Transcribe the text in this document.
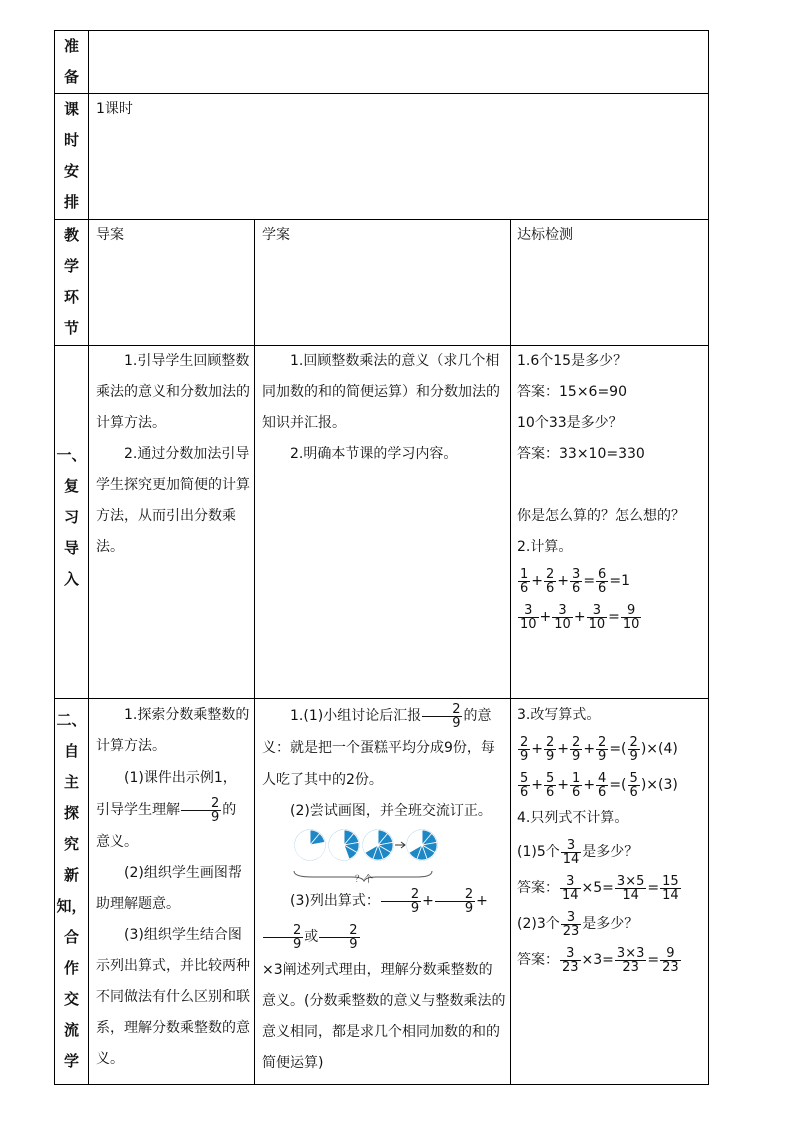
准
备
课
时
安
排
1课时
教
学
环
节
导案	学案	达标检测
一、
复
习
导
入

1.引导学生回顾整数乘法的意义和分数加法的计算方法。

2.通过分数加法引导学生探究更加简便的计算方法，从而引出分数乘法。

1.回顾整数乘法的意义（求几个相同加数的和的简便运算）和分数加法的知识并汇报。

2.明确本节课的学习内容。

1.6个15是多少？

答案：15×6=90

10个33是多少？

答案：33×10=330

你是怎么算的？怎么想的？

2.计算。

$\frac{1}{6} + \frac{2}{6} + \frac{3}{6} = \frac{6}{6} =1$
$\frac{3}{10} + \frac{3}{10} + \frac{3}{10} = \frac{9}{10}$
二、
自
主
探
究
新
知，
合
作
交
流
学

1.探索分数乘整数的计算方法。

(1)课件出示例1，引导学生理解 $\frac{2}{9}$ 的意义。

(2)组织学生画图帮助理解题意。

(3)组织学生结合图示列出算式，并比较两种不同做法有什么区别和联系，理解分数乘整数的意义。

1.(1)小组讨论后汇报 $\frac{2}{9}$ 的意义：就是把一个蛋糕平均分成9份，每人吃了其中的2份。

(2)尝试画图，并全班交流订正。

？个

(3)列出算式： $\frac{2}{9} + \frac{2}{9}$ +
$\frac{2}{9}$ 或 $\frac{2}{9}$

×3阐述列式理由，理解分数乘整数的意义。(分数乘整数的意义与整数乘法的意义相同，都是求几个相同加数的和的简便运算)

3.改写算式。

$\frac{2}{9} + \frac{2}{9} + \frac{2}{9} + \frac{2}{9}$ =( $\frac{2}{9} )\times(4)$
$\frac{5}{6} + \frac{5}{6} + \frac{1}{6} + \frac{4}{6}$ =( $\frac{5}{6} )\times(3)$

4.只列式不计算。

(1)5个 $\frac{3}{14}$ 是多少？
答案： $\frac{3}{14} \times 5= \frac{3\times 5}{14} = \frac{15}{14}$
(2)3个 $\frac{3}{23}$ 是多少？
答案： $\frac{3}{23} \times 3= \frac{3\times 3}{23} = \frac{9}{23}$
